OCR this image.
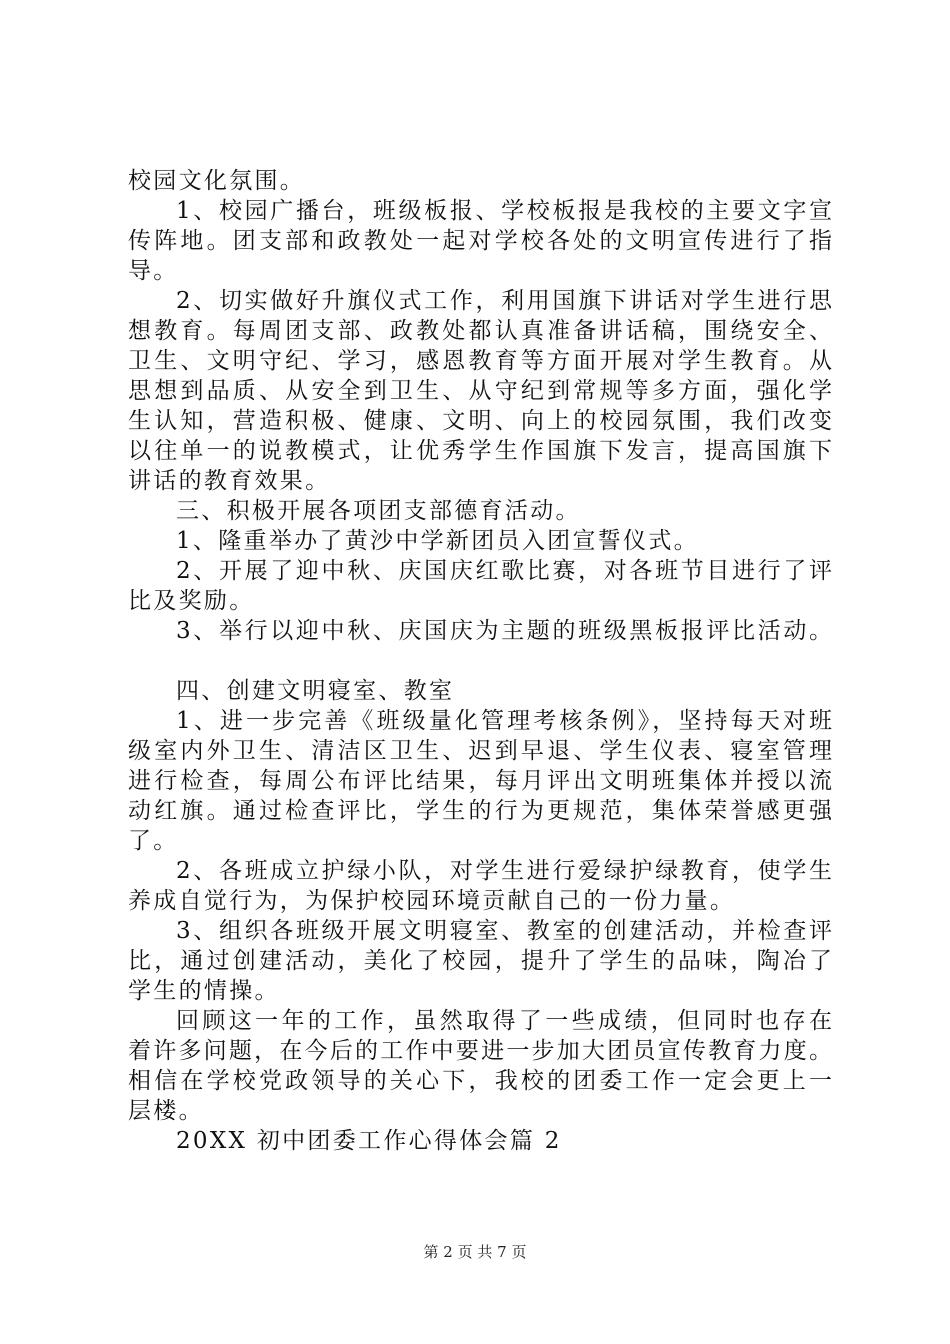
校园文化氛围。
1、校园广播台，班级板报、学校板报是我校的主要文字宣
传阵地。团支部和政教处一起对学校各处的文明宣传进行了指
导。
2、切实做好升旗仪式工作，利用国旗下讲话对学生进行思
想教育。每周团支部、政教处都认真准备讲话稿，围绕安全、
卫生、文明守纪、学习，感恩教育等方面开展对学生教育。从
思想到品质、从安全到卫生、从守纪到常规等多方面，强化学
生认知，营造积极、健康、文明、向上的校园氛围，我们改变
以往单一的说教模式，让优秀学生作国旗下发言，提高国旗下
讲话的教育效果。
三、积极开展各项团支部德育活动。
1、隆重举办了黄沙中学新团员入团宣誓仪式。
2、开展了迎中秋、庆国庆红歌比赛，对各班节目进行了评
比及奖励。
3、举行以迎中秋、庆国庆为主题的班级黑板报评比活动。
四、创建文明寝室、教室
1、进一步完善《班级量化管理考核条例》，坚持每天对班
级室内外卫生、清洁区卫生、迟到早退、学生仪表、寝室管理
进行检查，每周公布评比结果，每月评出文明班集体并授以流
动红旗。通过检查评比，学生的行为更规范，集体荣誉感更强
了。
2、各班成立护绿小队，对学生进行爱绿护绿教育，使学生
养成自觉行为，为保护校园环境贡献自己的一份力量。
3、组织各班级开展文明寝室、教室的创建活动，并检查评
比，通过创建活动，美化了校园，提升了学生的品味，陶冶了
学生的情操。
回顾这一年的工作，虽然取得了一些成绩，但同时也存在
着许多问题，在今后的工作中要进一步加大团员宣传教育力度。
相信在学校党政领导的关心下，我校的团委工作一定会更上一
层楼。
20XX 初中团委工作心得体会篇 2
第 2 页 共 7 页
